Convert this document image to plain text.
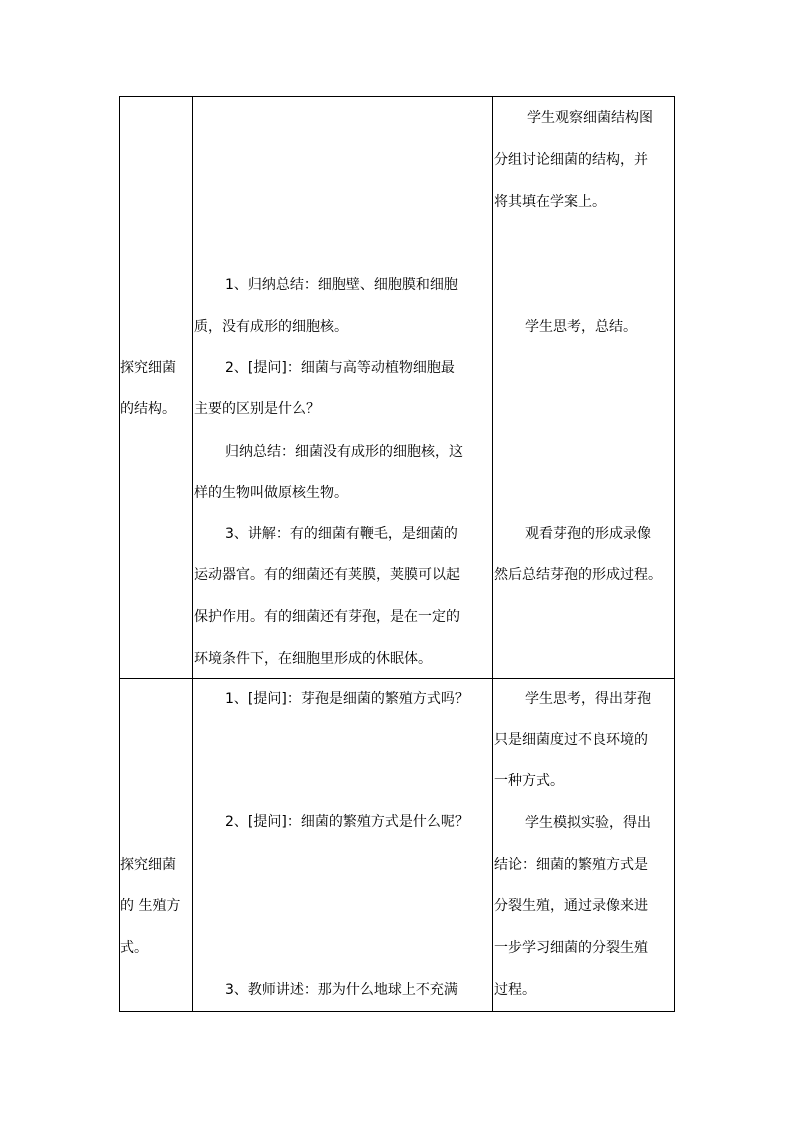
探究细菌
的结构。
1、归纳总结：细胞壁、细胞膜和细胞
质，没有成形的细胞核。
2、[提问]：细菌与高等动植物细胞最
主要的区别是什么？
归纳总结：细菌没有成形的细胞核，这
样的生物叫做原核生物。
3、讲解：有的细菌有鞭毛，是细菌的
运动器官。有的细菌还有荚膜，荚膜可以起
保护作用。有的细菌还有芽孢，是在一定的
环境条件下，在细胞里形成的休眠体。
学生观察细菌结构图
分组讨论细菌的结构，并
将其填在学案上。
学生思考，总结。
观看芽孢的形成录像
然后总结芽孢的形成过程。
探究细菌
的 生殖方
式。
1、[提问]：芽孢是细菌的繁殖方式吗？
2、[提问]：细菌的繁殖方式是什么呢？
3、教师讲述：那为什么地球上不充满
学生思考，得出芽孢
只是细菌度过不良环境的
一种方式。
学生模拟实验，得出
结论：细菌的繁殖方式是
分裂生殖，通过录像来进
一步学习细菌的分裂生殖
过程。
